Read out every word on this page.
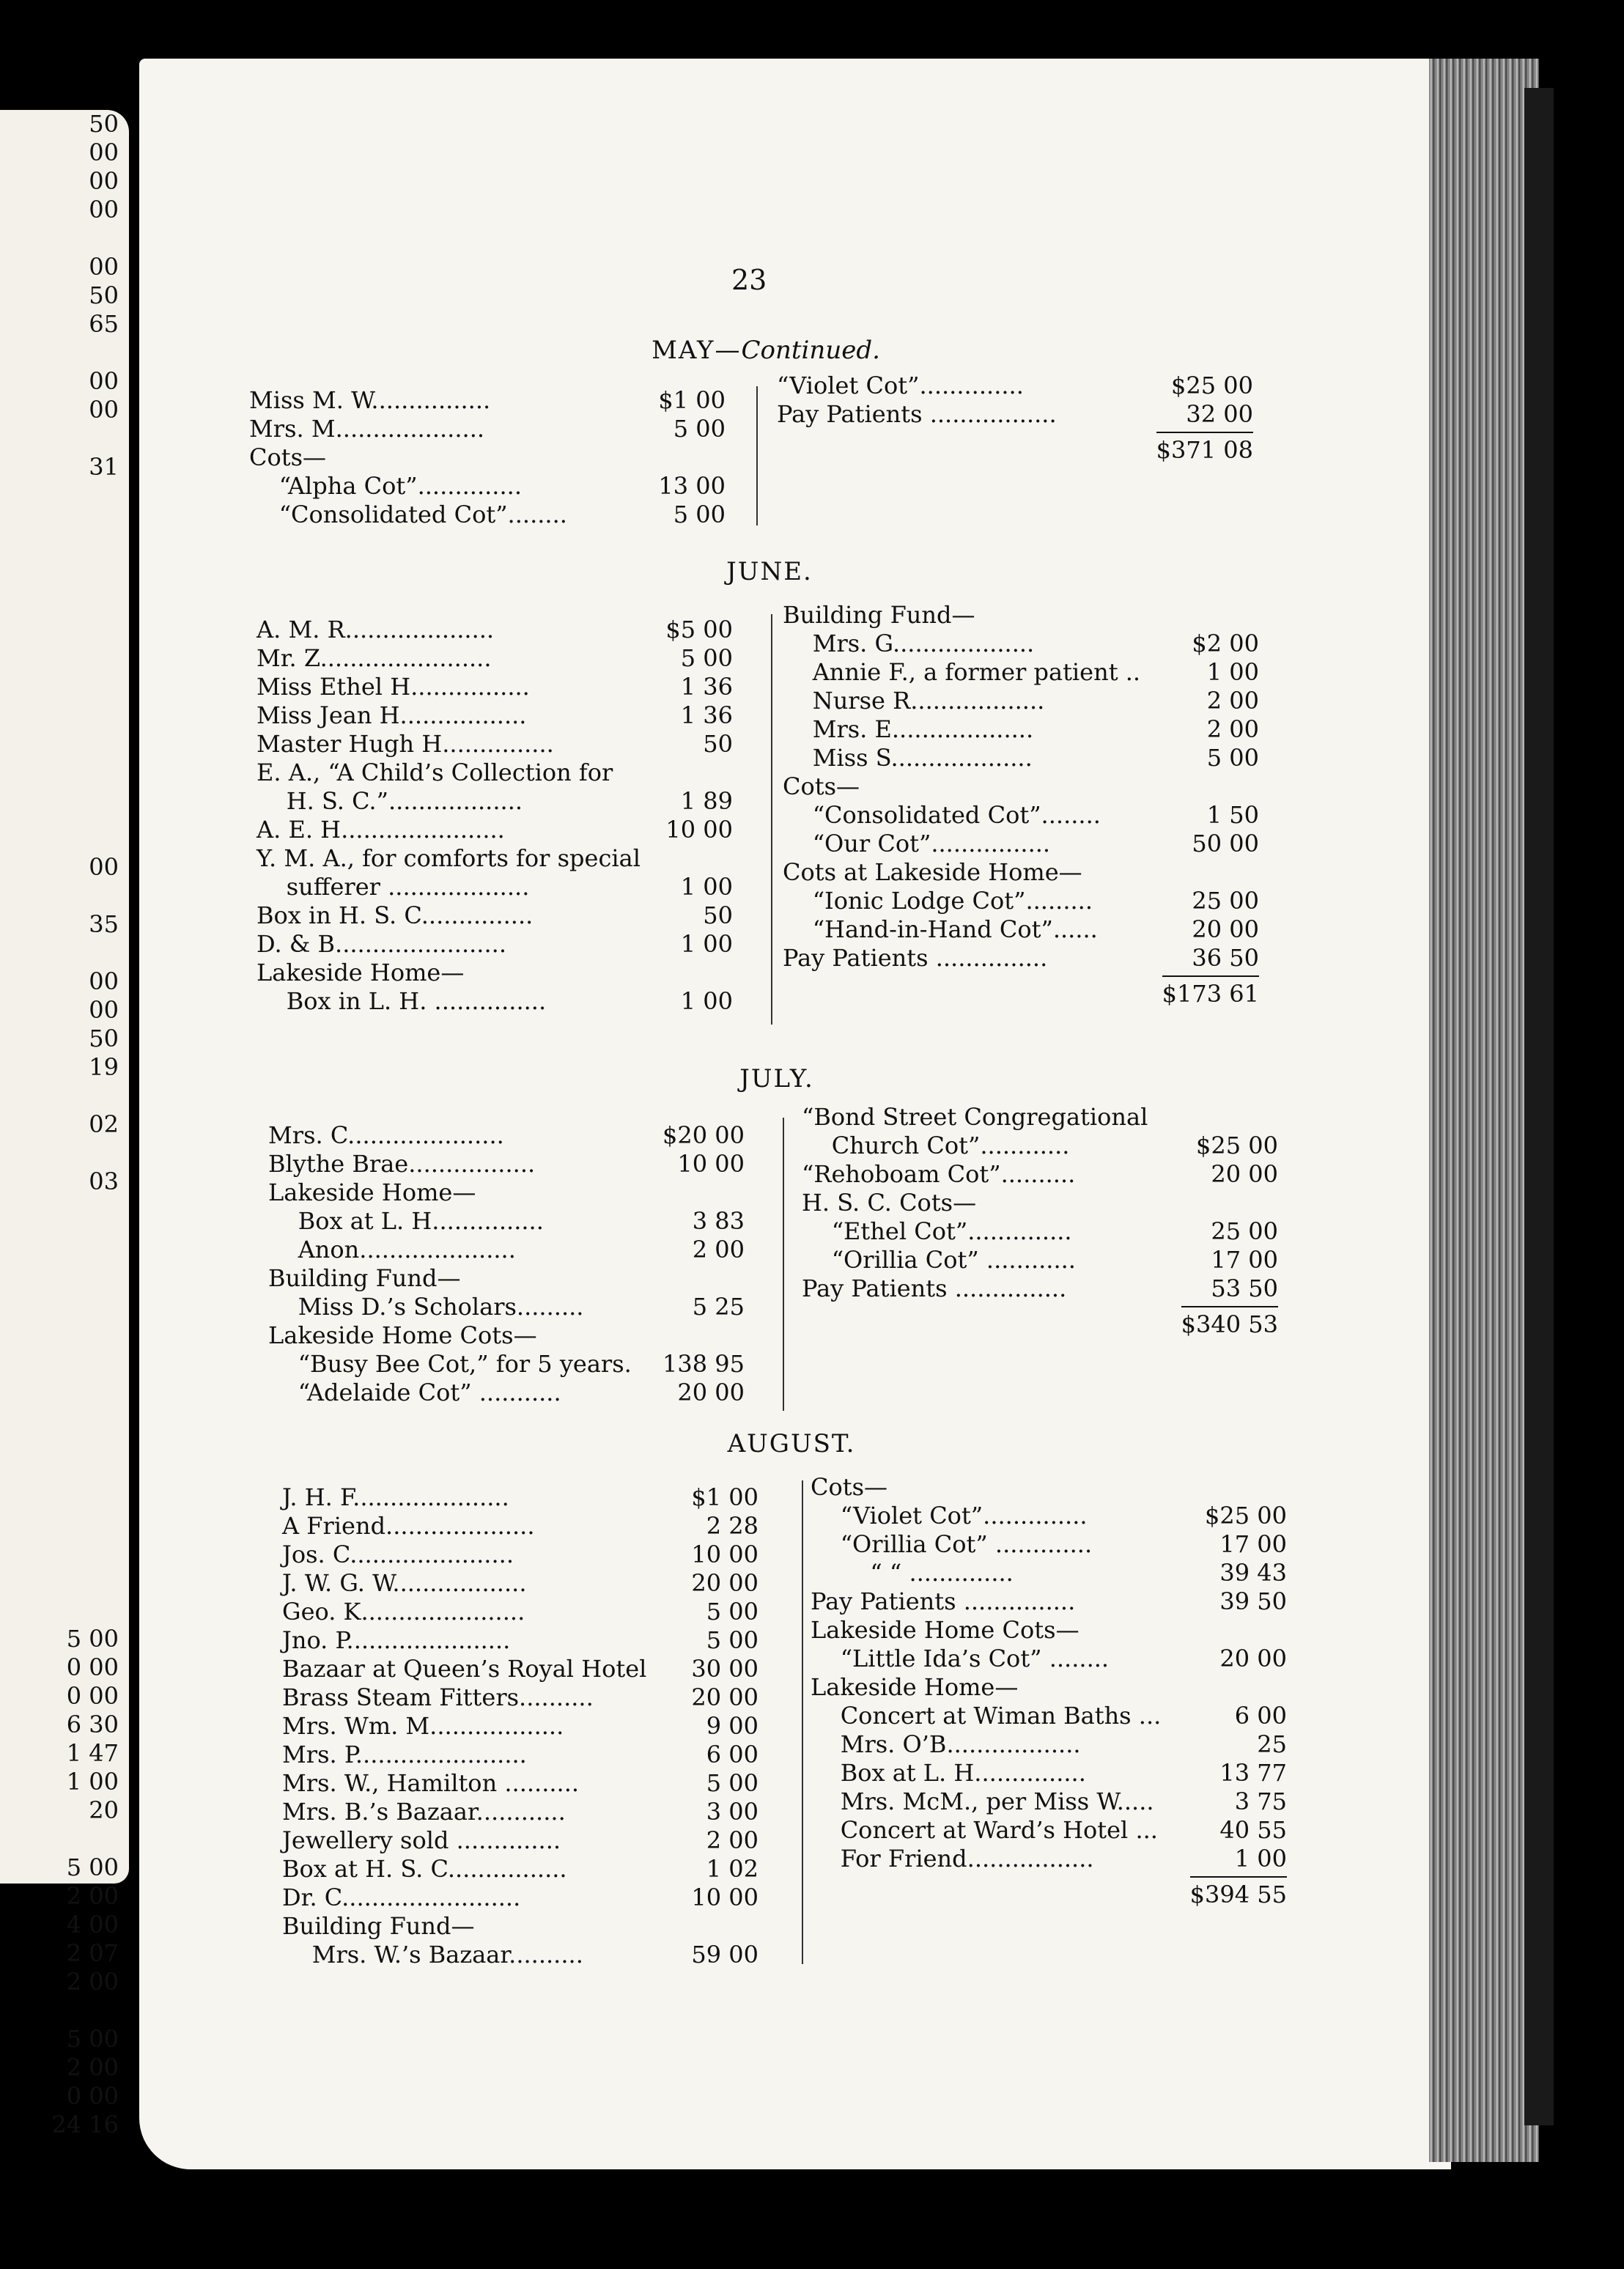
50
00
00
00
00
50
65
00
00
31
00
35
00
00
50
19
02
03
5 00
0 00
0 00
6 30
1 47
1 00
20
5 00
2 00
4 00
2 07
2 00
5 00
2 00
0 00
24 16
23
MAY—Continued.
Miss M. W................	$1 00
Mrs. M....................	5 00
Cots—
“Alpha Cot”..............	13 00
“Consolidated Cot”........	5 00
“Violet Cot”..............	$25 00
Pay Patients .................	32 00
$371 08
JUNE.
A. M. R....................	$5 00
Mr. Z.......................	5 00
Miss Ethel H................	1 36
Miss Jean H.................	1 36
Master Hugh H...............	50
E. A., “A Child’s Collection for
H. S. C.”..................	1 89
A. E. H......................	10 00
Y. M. A., for comforts for special
sufferer ...................	1 00
Box in H. S. C...............	50
D. & B.......................	1 00
Lakeside Home—
Box in L. H. ...............	1 00
Building Fund—
Mrs. G...................	$2 00
Annie F., a former patient ..	1 00
Nurse R..................	2 00
Mrs. E...................	2 00
Miss S...................	5 00
Cots—
“Consolidated Cot”........	1 50
“Our Cot”................	50 00
Cots at Lakeside Home—
“Ionic Lodge Cot”.........	25 00
“Hand-in-Hand Cot”......	20 00
Pay Patients ...............	36 50
$173 61
JULY.
Mrs. C.....................	$20 00
Blythe Brae.................	10 00
Lakeside Home—
Box at L. H...............	3 83
Anon.....................	2 00
Building Fund—
Miss D.’s Scholars.........	5 25
Lakeside Home Cots—
“Busy Bee Cot,” for 5 years. 138 95
“Adelaide Cot” ...........	20 00
“Bond Street Congregational
Church Cot”............	$25 00
“Rehoboam Cot”..........	20 00
H. S. C. Cots—
“Ethel Cot”..............	25 00
“Orillia Cot” ............	17 00
Pay Patients ...............	53 50
$340 53
AUGUST.
J. H. F.....................	$1 00
A Friend....................	2 28
Jos. C......................	10 00
J. W. G. W..................	20 00
Geo. K......................	5 00
Jno. P......................	5 00
Bazaar at Queen’s Royal Hotel 30 00
Brass Steam Fitters..........	20 00
Mrs. Wm. M..................	9 00
Mrs. P.......................	6 00
Mrs. W., Hamilton ..........	5 00
Mrs. B.’s Bazaar............	3 00
Jewellery sold ..............	2 00
Box at H. S. C................	1 02
Dr. C........................	10 00
Building Fund—
Mrs. W.’s Bazaar..........	59 00
Cots—
“Violet Cot”..............	$25 00
“Orillia Cot” .............	17 00
“ “ ..............	39 43
Pay Patients ...............	39 50
Lakeside Home Cots—
“Little Ida’s Cot” ........	20 00
Lakeside Home—
Concert at Wiman Baths ...	6 00
Mrs. O’B..................	25
Box at L. H...............	13 77
Mrs. McM., per Miss W.....	3 75
Concert at Ward’s Hotel ...	40 55
For Friend.................	1 00
$394 55
